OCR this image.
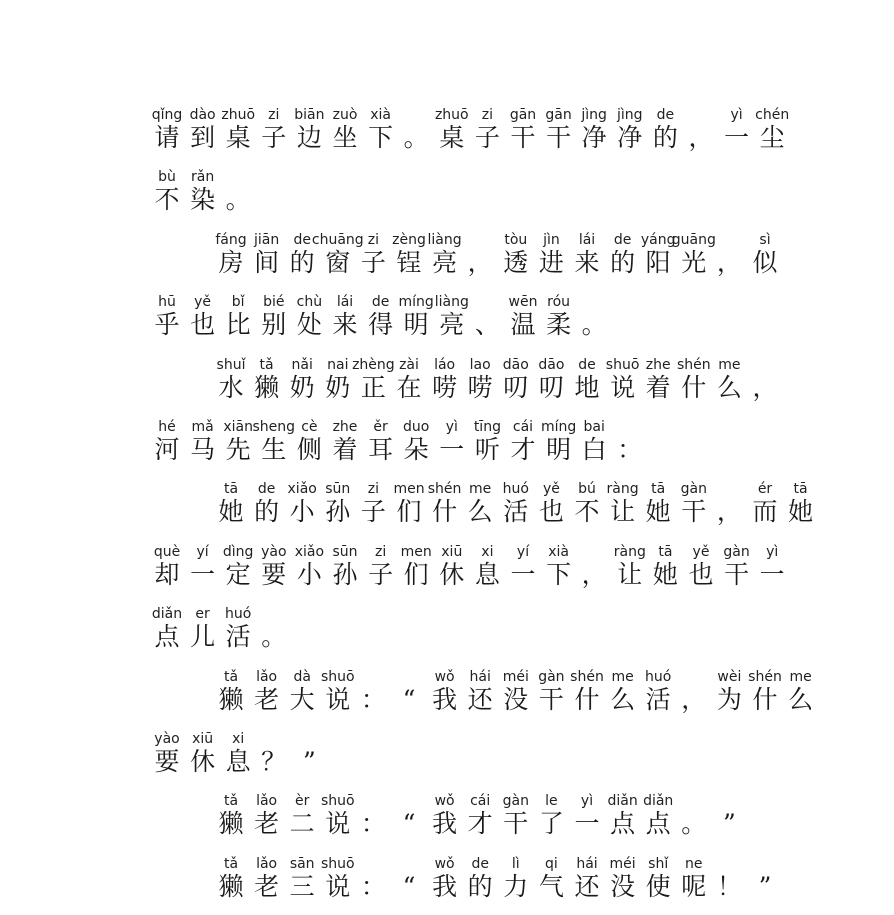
qǐng
请
dào
到
zhuō
桌
zi
子
biān
边
zuò
坐
xià
下 。
zhuō
桌
zi
子
gān
干
gān
干
jìng
净
jìng
净
de
的 ，
yì
一
chén
尘
bù
不
rǎn
染 。
fáng
房
jiān
间
de
的
chuāng
窗
zi
子
zèng
锃
liàng
亮 ，
tòu
透
jìn
进
lái
来
de
的
yáng
阳
guāng
光 ，
sì
似
hū
乎
yě
也
bǐ
比
bié
别
chù
处
lái
来
de
得
míng
明
liàng
亮 、
wēn
温
róu
柔 。
shuǐ
水
tǎ
獭
nǎi
奶
nai
奶
zhèng
正
zài
在
láo
唠
lao
唠
dāo
叨
dāo
叨
de
地
shuō
说
zhe
着
shén
什
me
么 ，
hé
河
mǎ
马
xiān
先
sheng
生
cè
侧
zhe
着
ěr
耳
duo
朵
yì
一
tīng
听
cái
才
míng
明
bai
白 ：
tā
她
de
的
xiǎo
小
sūn
孙
zi
子
men
们
shén
什
me
么
huó
活
yě
也
bú
不
ràng
让
tā
她
gàn
干 ，
ér
而
tā
她
què
却
yí
一
dìng
定
yào
要
xiǎo
小
sūn
孙
zi
子
men
们
xiū
休
xi
息
yí
一
xià
下 ，
ràng
让
tā
她
yě
也
gàn
干
yì
一
diǎn
点
er
儿
huó
活 。
tǎ
獭
lǎo
老
dà
大
shuō
说 ： “
wǒ
我
hái
还
méi
没
gàn
干
shén
什
me
么
huó
活 ，
wèi
为
shén
什
me
么
yào
要
xiū
休
xi
息 ？ ”
tǎ
獭
lǎo
老
èr
二
shuō
说 ： “
wǒ
我
cái
才
gàn
干
le
了
yì
一
diǎn
点
diǎn
点 。 ”
tǎ
獭
lǎo
老
sān
三
shuō
说 ： “
wǒ
我
de
的
lì
力
qi
气
hái
还
méi
没
shǐ
使
ne
呢 ！ ”
